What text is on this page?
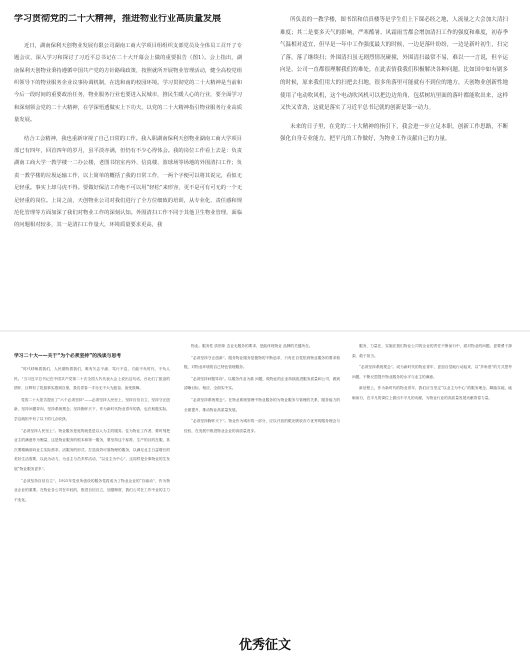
学习贯彻党的二十大精神，推进物业行业高质量发展

近日，湖南保利天创物业发展有限公司湖南工商大学项目组组织支部党员及全体员工召开了专题会议，深入学习和探讨了习近平总书记在二十大开幕会上做的重要报告（图1）。会上指出，湖南保利天创物业秉持遵循中国共产党的方针路线政策，按照就所开展物业管理活动，健全高校党组织领导下的物业服务企业议事协调机制，在选和南的校园环境。学习贯彻党的二十大精神是当前和今后一段时间的重要政治任务，物业服务行业也要进入民城市，推民生暖人心的行业，要全面学习和深刻领会党的二十大精神，在学深悟透做实上下功夫，以党的二十大精神指引物业服务行业高质量发展。

结合工会精神，我也重新审视了自己日常的工作。我入职湖南保利天创物业湖南工商大学项目部已有四年，回首四年的岁月，虽平淡亦满，但仍有不少心得体会。我的岗位工作看上去是：负责湖南工商大学一教学楼一二办公楼，老图书馆室内外、信真楼、篮球场等场地的外围清扫工作；负责一教学楼的垃圾运输工作，以上简单的概括了我的日常工作，一两个字便可以将其说完，看似无足轻重。事实上却马虎不得。要做好保洁工作绝不可以用“轻松”来形容，更不是可有可无的一个无足轻重的岗位。上岗之前，天创物业公司对我们进行了全方位细致的培训，从专业化、责任感和规范化管理等方面加深了我们对物业工作的深刻认知。外围清扫工作不同于其他卫生物业管理，面临的问题相对较多，其一是清扫工作量大，环境质量要求更高，我

所负责的一教学楼，图书馆和信真楼等是学生们上下课必经之地，人流量之大会加大清扫难度；其二是要多天气的影响，严寒酷暑、风霜雨雪都会增加清扫工作的强度和难度，初春季气温相对适宜，但早是一年中工作强度最大的时候，一边是落叶纷纷，一边是新叶初生，扫完了落，落了继续扫；外围清扫虽无剧烈情况碰撞，外围清扫最常不易，难以一一言说，但辛运向是，公司一直都很理解我们的难处，在此表情我我们积极解决各种问题。比如国中如有剧多的时候，原来我们用大的扫把去扫地，很多角落里可能就有不到位的地方，天创物业创新性地使用了电动吹风机，这个电动吹风机可以把边边角角，包括树坑里面的落叶都能吹出来，这样又快又省劲，这就是落实了习近平总书记就的创新是第一动力。

未来的日子里，在党的二十大精神的指引下，我会进一步立足本职，创新工作思路，不断强化自身专业能力，把平凡的工作做好，为物业工作贡献自己的力量。

学习二十大——关于“为个必须坚持”的浅谈与思考

“时代呼唤着我们，人民期待着我们，唯有矢志不渝、笃行不息，方能不负时代、不负人民。”当习近平总书记在中国共产党第二十次全国人代代表大会上说出这句话，台北们了振奋的情怀，巨辉有了报振事实感到自豪，我们青春一手亦无不大为振奋，备受鼓舞。

党的二十大报告提出了“六个必须坚持”——必须坚持人民至上，坚持自信自立，坚持守正创新，坚持问题导向，坚持系统观念，坚持胸怀天下，作为新时代物业青年的我，也在积极实际，学这就担中有了以下的几点收获。

“必须坚持人民至上”。物业服务是宽的就是是以人为主的服务。住为物业工作者，要时刻把业主的满意作为衡量，这是物业服务的根本和第一服务，要坚持这个标准，生产的目的在服，其次要精确面向业主实际需求，活服务的形式，打造高效可靠物理的服务，以满足业主日益增长的美好生活需要，以此为动力，为业主与员多样活动，“以业主为中心”，这同样是全事物业的生发展“物业服务更多”。

“必须坚持自信自立”。1921年党至所创设的服务党将成为了物业企业的“自驱动”，作为物业企业的重要。在物业各公司在年轻的，推进自信自立，加强制度，我们公司在工作中业的主力不变化。

物业。服务性 质形象 态业无服务的要求，是能体现物业 品牌的关键所在。

“必须坚持守正创新”。服务物业服务是极物的不断追求，只有在自觉依到物业服务的要求积极，对物业环境的自己特色管理服务。

“必须坚持问题导向”。以服务作业为重 问题，做物业的企业持续改进服务质量和公司，做到清晰目标，相应，全面实中实。

“必须坚持系统观念”。在物业系统管理中物业服务的为物业服务与管理的关系，服务能力的全面提升，推动物业高质量发展。

“必须坚持胸怀天下”。物业作为城市的一部分，应以开放的眼光吸收各方优秀的服务理念与经验，在发展中推进物业企业的高质量进步。

服务，力量在，实施在我们物业公司的企业的责任不断前行中，面对物业的问题，更要勇于探索、敢于担当。

“必须坚持系统观念”。成为新时代的物业青年，更加自觉地行动起来，以“多角度”的方式思考问题，不断反思提升物业服务的水平与业主的满意。

新征程上，作为新时代的物业青年，我们应当坚定“以业主为中心”的服务理念，脚踏实地，砥砺前行，在平凡的岗位上做出不平凡的贡献，为物业行业的高质量发展贡献青春力量。

优秀征文
